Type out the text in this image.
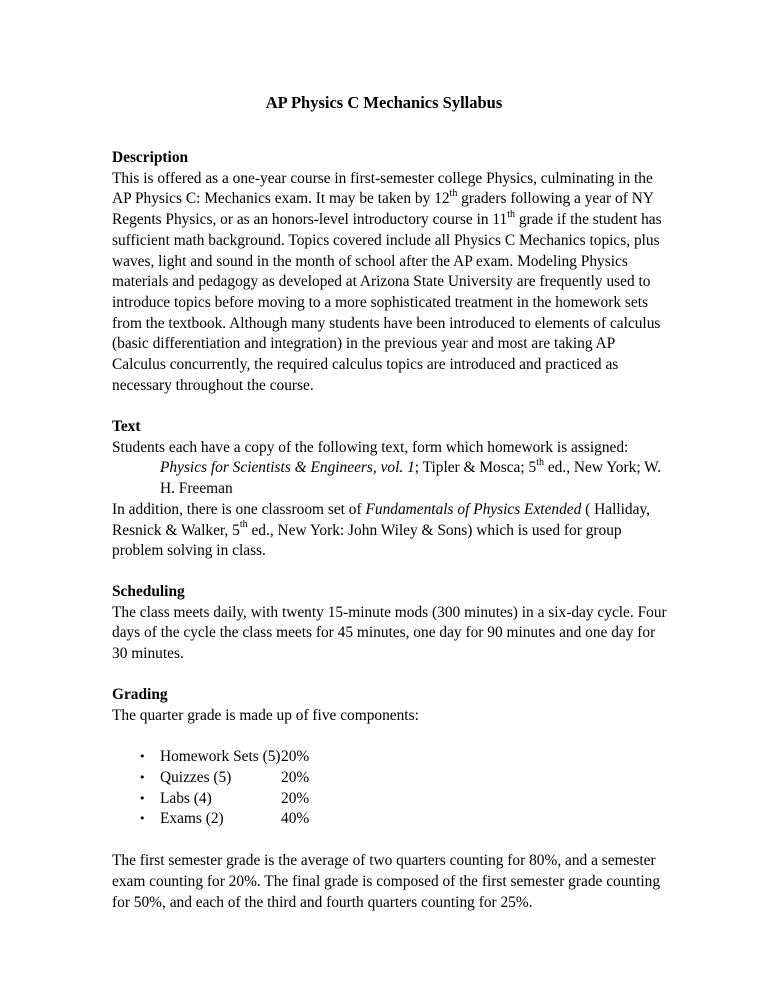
AP Physics C Mechanics Syllabus

Description

This is offered as a one-year course in first-semester college Physics, culminating in the AP Physics C: Mechanics exam. It may be taken by 12th graders following a year of NY Regents Physics, or as an honors-level introductory course in 11th grade if the student has sufficient math background. Topics covered include all Physics C Mechanics topics, plus waves, light and sound in the month of school after the AP exam. Modeling Physics materials and pedagogy as developed at Arizona State University are frequently used to introduce topics before moving to a more sophisticated treatment in the homework sets from the textbook. Although many students have been introduced to elements of calculus (basic differentiation and integration) in the previous year and most are taking AP Calculus concurrently, the required calculus topics are introduced and practiced as necessary throughout the course.

Text

Students each have a copy of the following text, form which homework is assigned:

Physics for Scientists & Engineers, vol. 1; Tipler & Mosca; 5th ed., New York; W. H. Freeman

In addition, there is one classroom set of Fundamentals of Physics Extended ( Halliday, Resnick & Walker, 5th ed., New York: John Wiley & Sons) which is used for group problem solving in class.

Scheduling

The class meets daily, with twenty 15-minute mods (300 minutes) in a six-day cycle. Four days of the cycle the class meets for 45 minutes, one day for 90 minutes and one day for 30 minutes.

Grading

The quarter grade is made up of five components:

• Homework Sets (5) 20%
• Quizzes (5)	20%
• Labs (4)	20%
• Exams (2)	40%

The first semester grade is the average of two quarters counting for 80%, and a semester exam counting for 20%. The final grade is composed of the first semester grade counting for 50%, and each of the third and fourth quarters counting for 25%.
